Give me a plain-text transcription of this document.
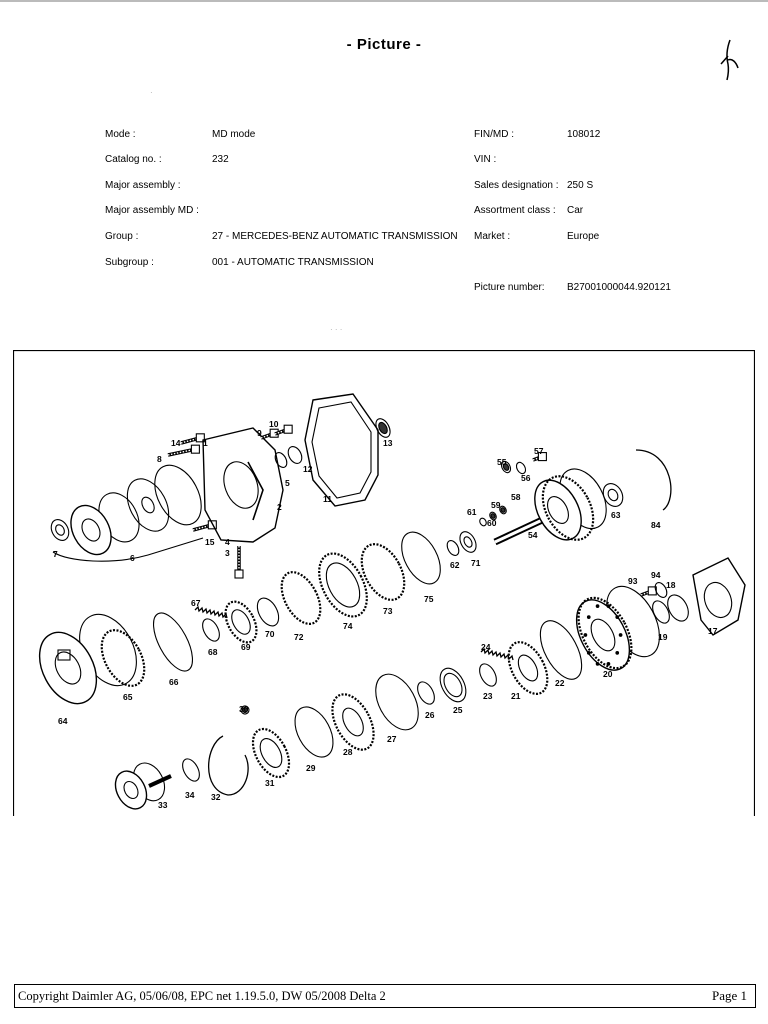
- Picture -
Mode :	MD mode
Catalog no. :	232
Major assembly :
Major assembly MD :
Group :	27 - MERCEDES-BENZ AUTOMATIC TRANSMISSION
Subgroup :	001 - AUTOMATIC TRANSMISSION
FIN/MD :	108012
VIN :
Sales designation : 250 S
Assortment class : Car
Market :	Europe
Picture number: B27001000044.920121
7	6
14
8
15
1
2
4
3
9
10
12
5
11
13
55
56
57
58
59
60
61
54
63
84
62 71
64
65
66
67
68	69
70 72
74
73
75
93
94
18
19
17
20
22
21
24
23
33
34 32
30
31
29
28
27
26 25
·
· · ·
Copyright Daimler AG, 05/06/08, EPC net 1.19.5.0, DW 05/2008 Delta 2	Page 1
